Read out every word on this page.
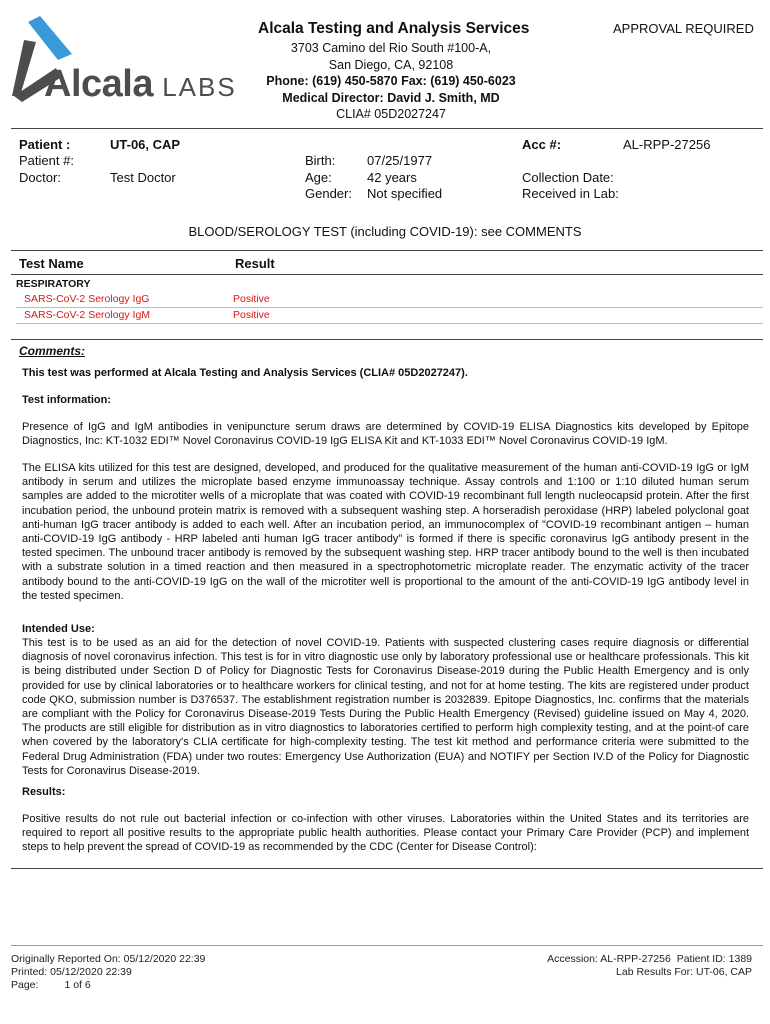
Alcala LABS
Alcala Testing and Analysis Services	APPROVAL REQUIRED
3703 Camino del Rio South #100-A,
San Diego, CA, 92108
Phone: (619) 450-5870 Fax: (619) 450-6023
Medical Director: David J. Smith, MD
CLIA# 05D2027247
Patient :	UT-06, CAP
Patient #:
Doctor:	Test Doctor
Birth: 07/25/1977
Age:	42 years
Gender: Not specified
Acc #:	AL-RPP-27256
Collection Date:
Received in Lab:
BLOOD/SEROLOGY TEST (including COVID-19): see COMMENTS
Test Name	Result
RESPIRATORY
SARS-CoV-2 Serology IgG	Positive
SARS-CoV-2 Serology IgM	Positive
Comments:
This test was performed at Alcala Testing and Analysis Services (CLIA# 05D2027247).
Test information:
Presence of IgG and IgM antibodies in venipuncture serum draws are determined by COVID-19 ELISA Diagnostics kits developed by Epitope Diagnostics, Inc: KT-1032 EDI™ Novel Coronavirus COVID-19 IgG ELISA Kit and KT-1033 EDI™ Novel Coronavirus COVID-19 IgM.
The ELISA kits utilized for this test are designed, developed, and produced for the qualitative measurement of the human anti-COVID-19 IgG or IgM antibody in serum and utilizes the microplate based enzyme immunoassay technique. Assay controls and 1:100 or 1:10 diluted human serum samples are added to the microtiter wells of a microplate that was coated with COVID-19 recombinant full length nucleocapsid protein. After the first incubation period, the unbound protein matrix is removed with a subsequent washing step. A horseradish peroxidase (HRP) labeled polyclonal goat anti-human IgG tracer antibody is added to each well. After an incubation period, an immunocomplex of "COVID-19 recombinant antigen – human anti-COVID-19 IgG antibody - HRP labeled anti human IgG tracer antibody" is formed if there is specific coronavirus IgG antibody present in the tested specimen. The unbound tracer antibody is removed by the subsequent washing step. HRP tracer antibody bound to the well is then incubated with a substrate solution in a timed reaction and then measured in a spectrophotometric microplate reader. The enzymatic activity of the tracer antibody bound to the anti-COVID-19 IgG on the wall of the microtiter well is proportional to the amount of the anti-COVID-19 IgG antibody level in the tested specimen.
Intended Use:
This test is to be used as an aid for the detection of novel COVID-19. Patients with suspected clustering cases require diagnosis or differential diagnosis of novel coronavirus infection. This test is for in vitro diagnostic use only by laboratory professional use or healthcare professionals. This kit is being distributed under Section D of Policy for Diagnostic Tests for Coronavirus Disease-2019 during the Public Health Emergency and is only provided for use by clinical laboratories or to healthcare workers for clinical testing, and not for at home testing. The kits are registered under product code QKO, submission number is D376537. The establishment registration number is 2032839. Epitope Diagnostics, Inc. confirms that the materials are compliant with the Policy for Coronavirus Disease-2019 Tests During the Public Health Emergency (Revised) guideline issued on May 4, 2020. The products are still eligible for distribution as in vitro diagnostics to laboratories certified to perform high complexity testing, and at the point-of care when covered by the laboratory's CLIA certificate for high-complexity testing. The test kit method and performance criteria were submitted to the Federal Drug Administration (FDA) under two routes: Emergency Use Authorization (EUA) and NOTIFY per Section IV.D of the Policy for Diagnostic Tests for Coronavirus Disease-2019.
Results:
Positive results do not rule out bacterial infection or co-infection with other viruses. Laboratories within the United States and its territories are required to report all positive results to the appropriate public health authorities. Please contact your Primary Care Provider (PCP) and implement steps to help prevent the spread of COVID-19 as recommended by the CDC (Center for Disease Control):
Originally Reported On: 05/12/2020 22:39
Printed: 05/12/2020 22:39
Page: 1 of 6
Accession: AL-RPP-27256  Patient ID: 1389
Lab Results For: UT-06, CAP
